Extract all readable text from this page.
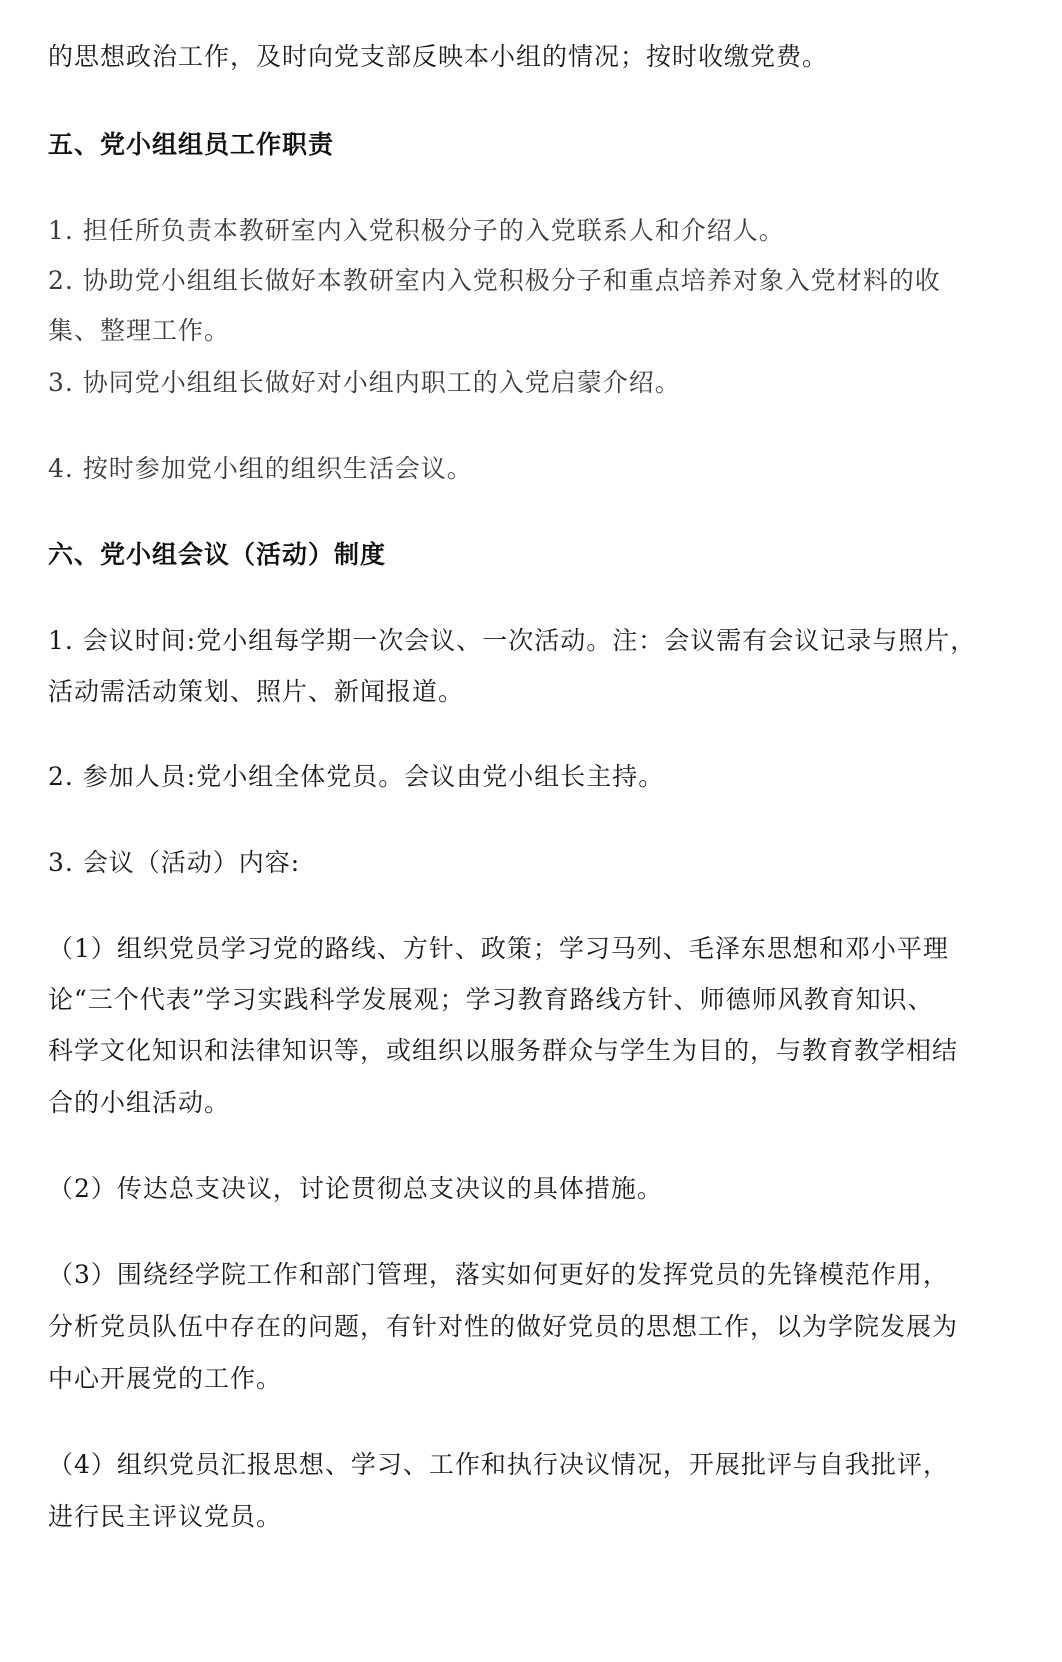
的思想政治工作，及时向党支部反映本小组的情况；按时收缴党费。
五、党小组组员工作职责
1. 担任所负责本教研室内入党积极分子的入党联系人和介绍人。
2. 协助党小组组长做好本教研室内入党积极分子和重点培养对象入党材料的收
集、整理工作。
3. 协同党小组组长做好对小组内职工的入党启蒙介绍。
4. 按时参加党小组的组织生活会议。
六、党小组会议（活动）制度
1. 会议时间:党小组每学期一次会议、一次活动。注：会议需有会议记录与照片，
活动需活动策划、照片、新闻报道。
2. 参加人员:党小组全体党员。会议由党小组长主持。
3. 会议（活动）内容:
（1）组织党员学习党的路线、方针、政策；学习马列、毛泽东思想和邓小平理
论“三个代表”学习实践科学发展观；学习教育路线方针、师德师风教育知识、
科学文化知识和法律知识等，或组织以服务群众与学生为目的，与教育教学相结
合的小组活动。
（2）传达总支决议，讨论贯彻总支决议的具体措施。
（3）围绕经学院工作和部门管理，落实如何更好的发挥党员的先锋模范作用，
分析党员队伍中存在的问题，有针对性的做好党员的思想工作，以为学院发展为
中心开展党的工作。
（4）组织党员汇报思想、学习、工作和执行决议情况，开展批评与自我批评，
进行民主评议党员。
